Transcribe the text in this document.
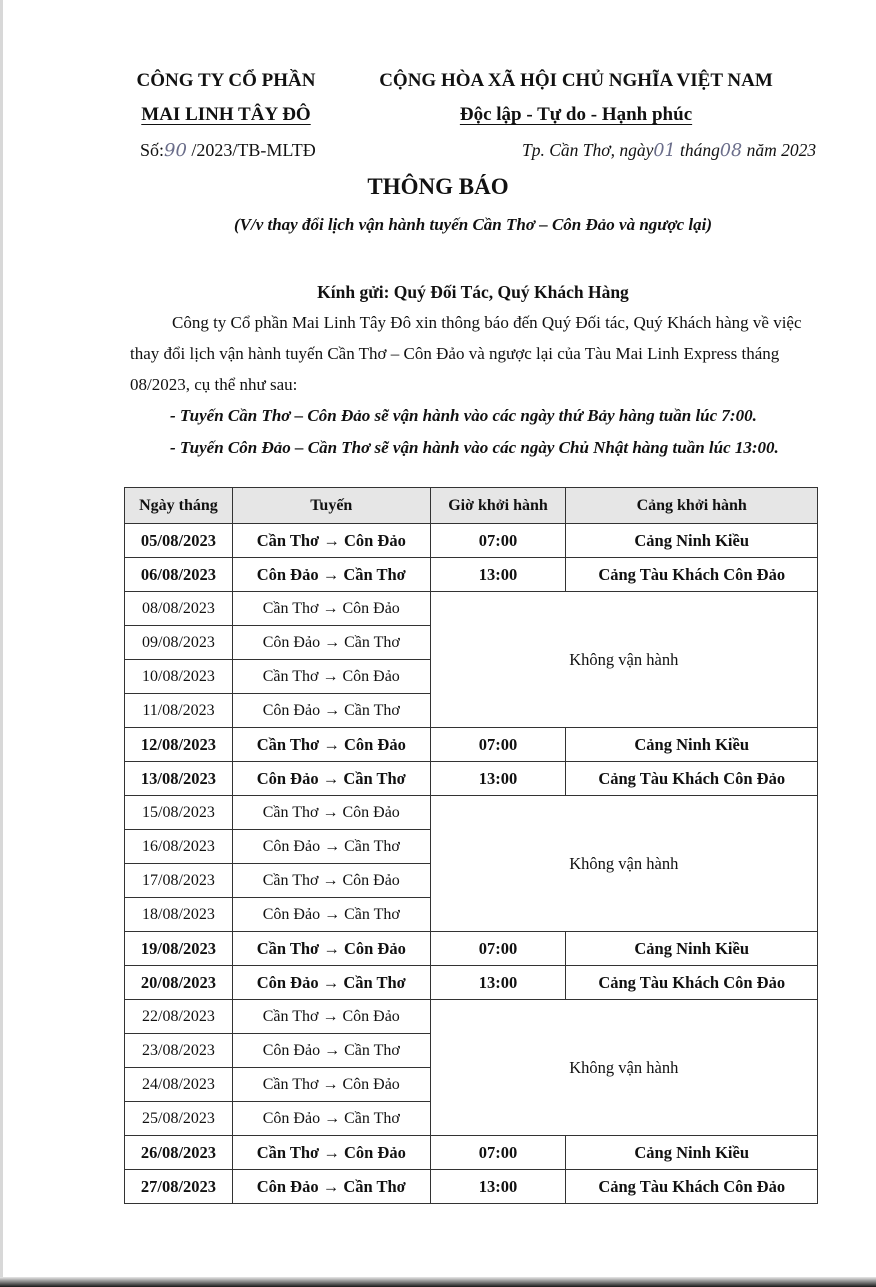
CÔNG TY CỔ PHẦN
MAI LINH TÂY ĐÔ
Số:90 /2023/TB-MLTĐ
CỘNG HÒA XÃ HỘI CHỦ NGHĨA VIỆT NAM
Độc lập - Tự do - Hạnh phúc
Tp. Cần Thơ, ngày01 tháng08 năm 2023
THÔNG BÁO
(V/v thay đổi lịch vận hành tuyến Cần Thơ – Côn Đảo và ngược lại)
Kính gửi: Quý Đối Tác, Quý Khách Hàng
Công ty Cổ phần Mai Linh Tây Đô xin thông báo đến Quý Đối tác, Quý Khách hàng về việc
thay đổi lịch vận hành tuyến Cần Thơ – Côn Đảo và ngược lại của Tàu Mai Linh Express tháng
08/2023, cụ thể như sau:
- Tuyến Cần Thơ – Côn Đảo sẽ vận hành vào các ngày thứ Bảy hàng tuần lúc 7:00.
- Tuyến Côn Đảo – Cần Thơ sẽ vận hành vào các ngày Chủ Nhật hàng tuần lúc 13:00.
Ngày tháng	Tuyến	Giờ khởi hành	Cảng khởi hành
05/08/2023	Cần Thơ → Côn Đảo	07:00	Cảng Ninh Kiều
06/08/2023	Côn Đảo → Cần Thơ	13:00	Cảng Tàu Khách Côn Đảo
08/08/2023	Cần Thơ → Côn Đảo	Không vận hành	
09/08/2023	Côn Đảo → Cần Thơ		
10/08/2023	Cần Thơ → Côn Đảo		
11/08/2023	Côn Đảo → Cần Thơ		
12/08/2023	Cần Thơ → Côn Đảo	07:00	Cảng Ninh Kiều
13/08/2023	Côn Đảo → Cần Thơ	13:00	Cảng Tàu Khách Côn Đảo
15/08/2023	Cần Thơ → Côn Đảo	Không vận hành	
16/08/2023	Côn Đảo → Cần Thơ		
17/08/2023	Cần Thơ → Côn Đảo		
18/08/2023	Côn Đảo → Cần Thơ		
19/08/2023	Cần Thơ → Côn Đảo	07:00	Cảng Ninh Kiều
20/08/2023	Côn Đảo → Cần Thơ	13:00	Cảng Tàu Khách Côn Đảo
22/08/2023	Cần Thơ → Côn Đảo	Không vận hành	
23/08/2023	Côn Đảo → Cần Thơ		
24/08/2023	Cần Thơ → Côn Đảo		
25/08/2023	Côn Đảo → Cần Thơ		
26/08/2023	Cần Thơ → Côn Đảo	07:00	Cảng Ninh Kiều
27/08/2023	Côn Đảo → Cần Thơ	13:00	Cảng Tàu Khách Côn Đảo
